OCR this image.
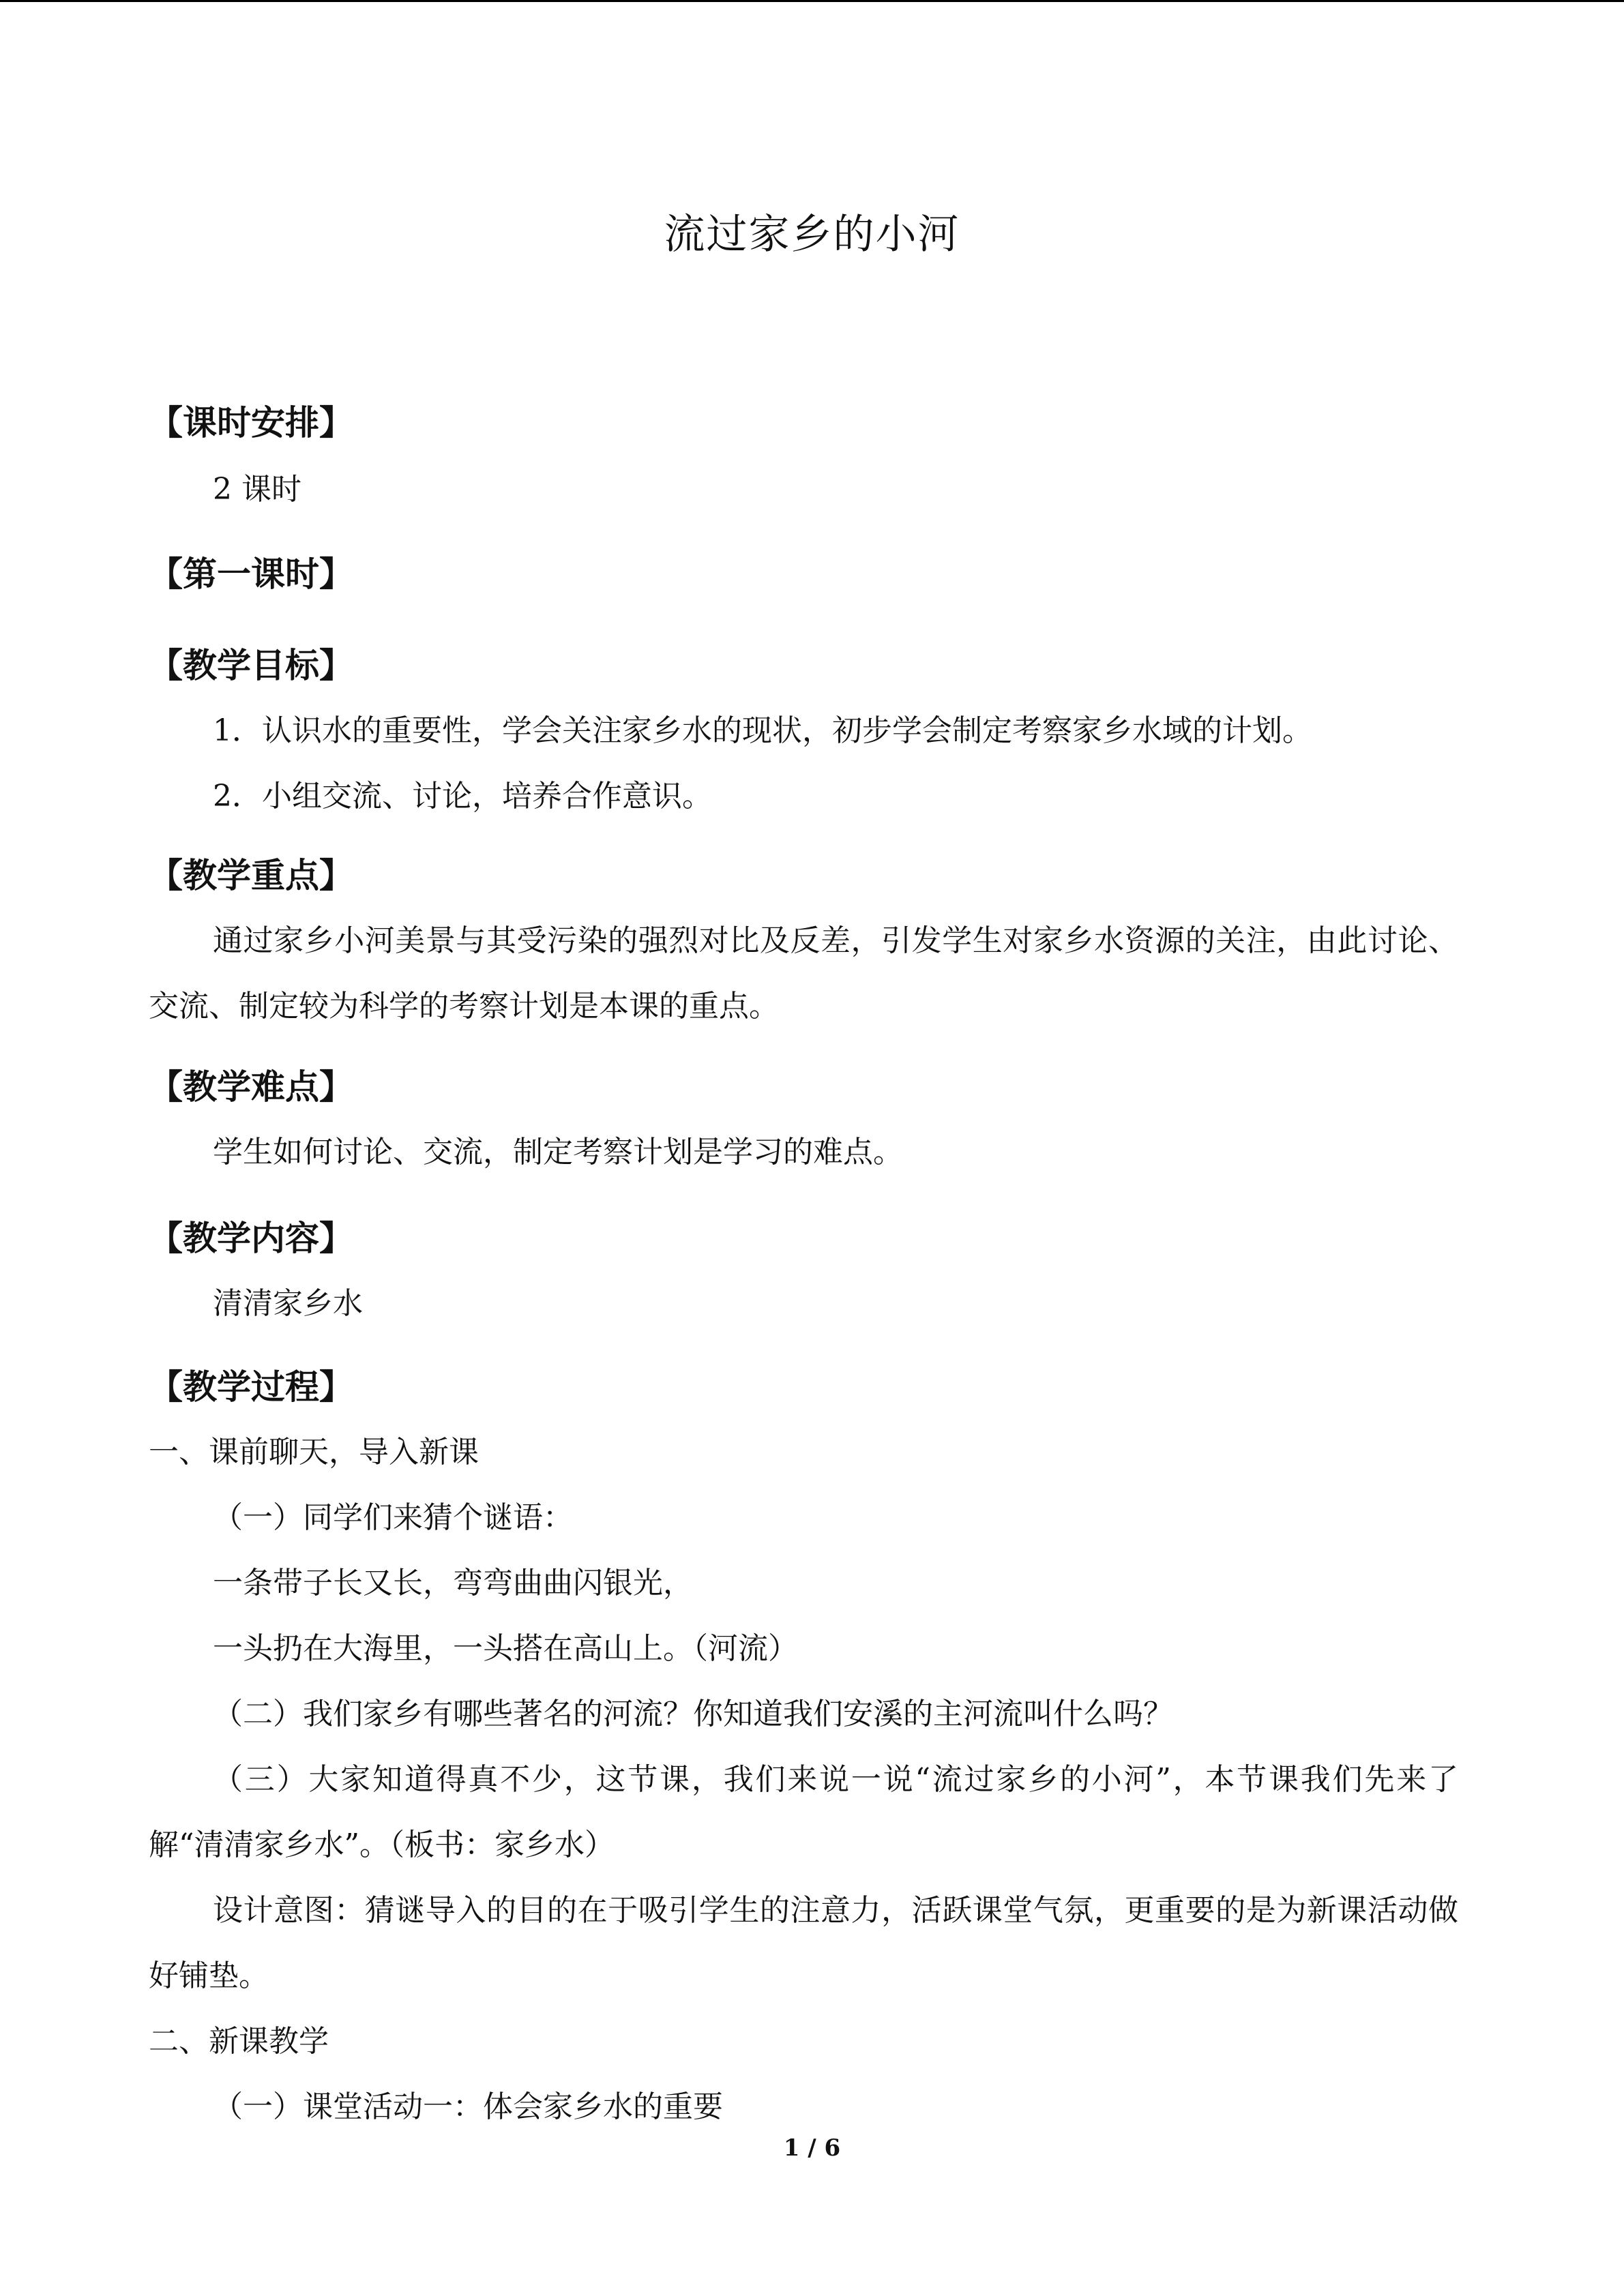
流过家乡的小河
【课时安排】
2 课时
【第一课时】
【教学目标】
1．认识水的重要性，学会关注家乡水的现状，初步学会制定考察家乡水域的计划。
2．小组交流、讨论，培养合作意识。
【教学重点】
通过家乡小河美景与其受污染的强烈对比及反差，引发学生对家乡水资源的关注，由此讨论、交流、制定较为科学的考察计划是本课的重点。
【教学难点】
学生如何讨论、交流，制定考察计划是学习的难点。
【教学内容】
清清家乡水
【教学过程】
一、课前聊天，导入新课
（一）同学们来猜个谜语：
一条带子长又长，弯弯曲曲闪银光，
一头扔在大海里，一头搭在高山上。（河流）
（二）我们家乡有哪些著名的河流？你知道我们安溪的主河流叫什么吗？
（三）大家知道得真不少，这节课，我们来说一说“流过家乡的小河”，本节课我们先来了解“清清家乡水”。（板书：家乡水）
设计意图：猜谜导入的目的在于吸引学生的注意力，活跃课堂气氛，更重要的是为新课活动做好铺垫。
二、新课教学
（一）课堂活动一：体会家乡水的重要
1 / 6
